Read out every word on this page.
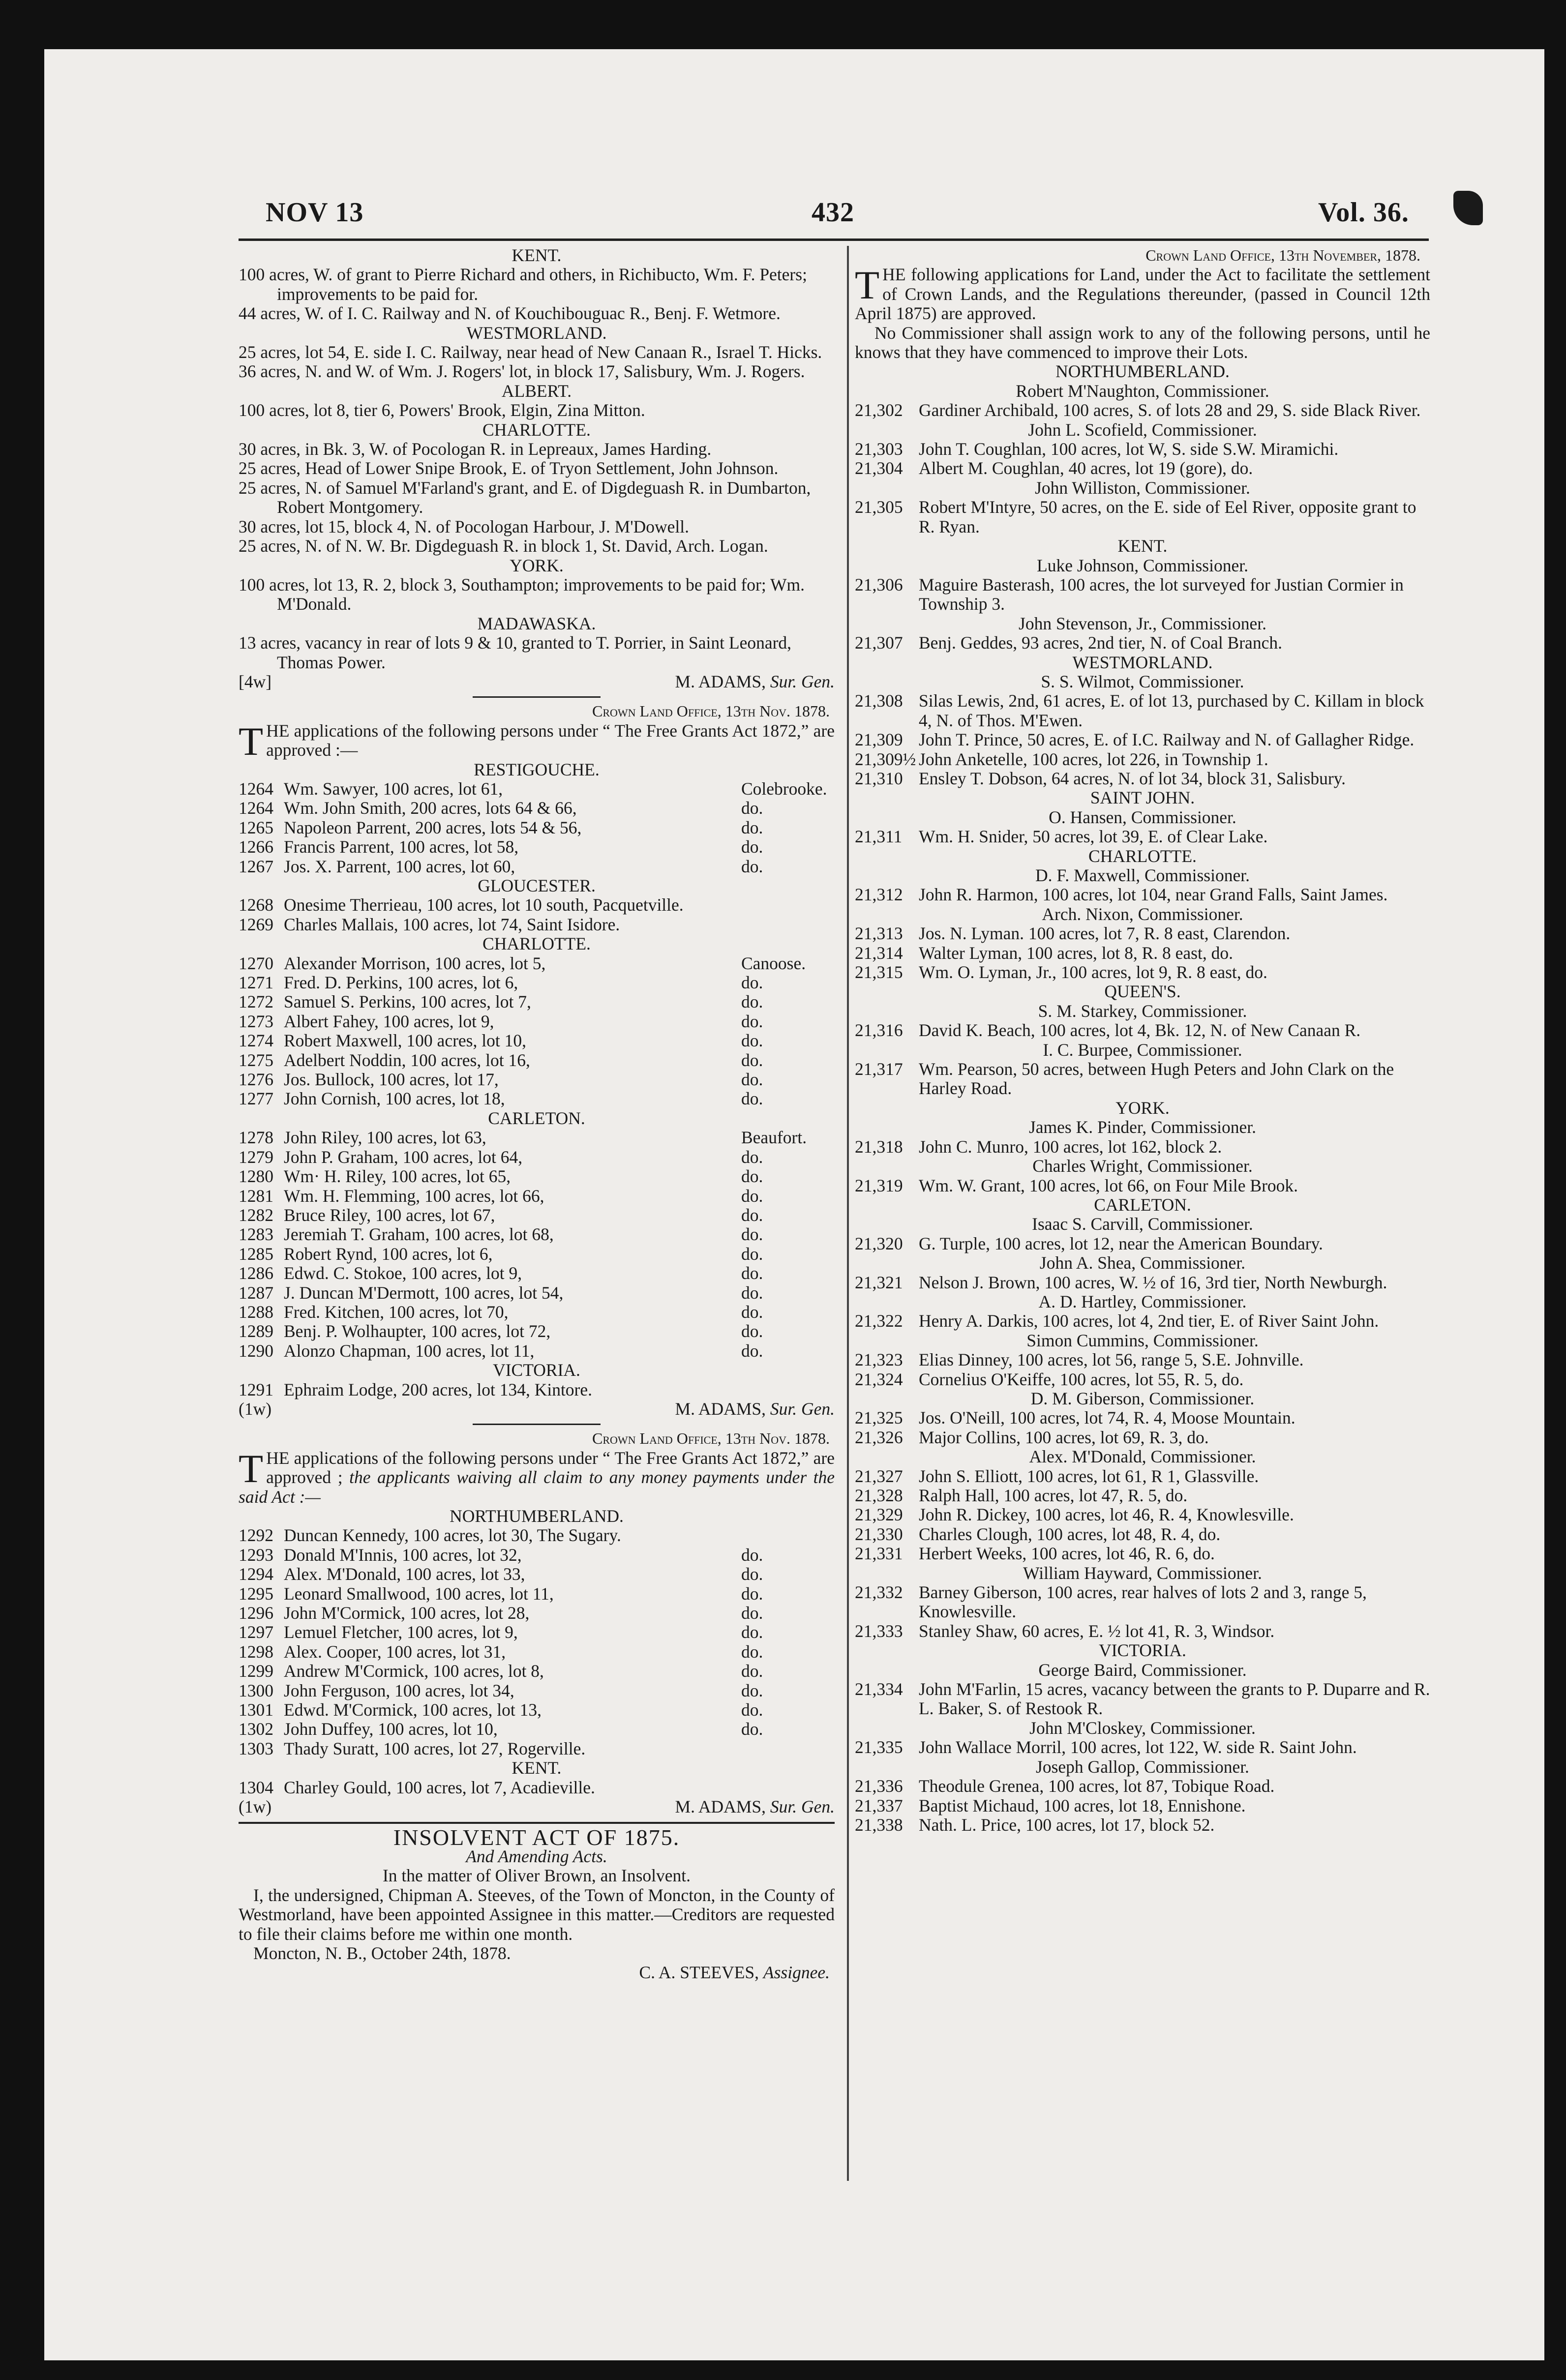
NOV 13	432	Vol. 36.
KENT.
100 acres, W. of grant to Pierre Richard and others, in Richibucto, Wm. F. Peters; improvements to be paid for.
44 acres, W. of I. C. Railway and N. of Kouchibouguac R., Benj. F. Wetmore.
WESTMORLAND.
25 acres, lot 54, E. side I. C. Railway, near head of New Canaan R., Israel T. Hicks.
36 acres, N. and W. of Wm. J. Rogers' lot, in block 17, Salisbury, Wm. J. Rogers.
ALBERT.
100 acres, lot 8, tier 6, Powers' Brook, Elgin, Zina Mitton.
CHARLOTTE.
30 acres, in Bk. 3, W. of Pocologan R. in Lepreaux, James Harding.
25 acres, Head of Lower Snipe Brook, E. of Tryon Settlement, John Johnson.
25 acres, N. of Samuel M'Farland's grant, and E. of Digdeguash R. in Dumbarton, Robert Montgomery.
30 acres, lot 15, block 4, N. of Pocologan Harbour, J. M'Dowell.
25 acres, N. of N. W. Br. Digdeguash R. in block 1, St. David, Arch. Logan.
YORK.
100 acres, lot 13, R. 2, block 3, Southampton; improvements to be paid for; Wm. M'Donald.
MADAWASKA.
13 acres, vacancy in rear of lots 9 & 10, granted to T. Porrier, in Saint Leonard, Thomas Power.
[4w]	M. ADAMS, Sur. Gen.
Crown Land Office, 13th Nov. 1878.
THE applications of the following persons under “ The Free Grants Act 1872,” are approved :—
RESTIGOUCHE.
1264 Wm. Sawyer, 100 acres, lot 61,	Colebrooke.
1264 Wm. John Smith, 200 acres, lots 64 & 66,	do.
1265 Napoleon Parrent, 200 acres, lots 54 & 56,	do.
1266 Francis Parrent, 100 acres, lot 58,	do.
1267 Jos. X. Parrent, 100 acres, lot 60,	do.
GLOUCESTER.
1268 Onesime Therrieau, 100 acres, lot 10 south, Pacquetville.
1269 Charles Mallais, 100 acres, lot 74, Saint Isidore.
CHARLOTTE.
1270 Alexander Morrison, 100 acres, lot 5,	Canoose.
1271 Fred. D. Perkins, 100 acres, lot 6,	do.
1272 Samuel S. Perkins, 100 acres, lot 7,	do.
1273 Albert Fahey, 100 acres, lot 9,	do.
1274 Robert Maxwell, 100 acres, lot 10,	do.
1275 Adelbert Noddin, 100 acres, lot 16,	do.
1276 Jos. Bullock, 100 acres, lot 17,	do.
1277 John Cornish, 100 acres, lot 18,	do.
CARLETON.
1278 John Riley, 100 acres, lot 63,	Beaufort.
1279 John P. Graham, 100 acres, lot 64,	do.
1280 Wm· H. Riley, 100 acres, lot 65,	do.
1281 Wm. H. Flemming, 100 acres, lot 66,	do.
1282 Bruce Riley, 100 acres, lot 67,	do.
1283 Jeremiah T. Graham, 100 acres, lot 68,	do.
1285 Robert Rynd, 100 acres, lot 6,	do.
1286 Edwd. C. Stokoe, 100 acres, lot 9,	do.
1287 J. Duncan M'Dermott, 100 acres, lot 54,	do.
1288 Fred. Kitchen, 100 acres, lot 70,	do.
1289 Benj. P. Wolhaupter, 100 acres, lot 72,	do.
1290 Alonzo Chapman, 100 acres, lot 11,	do.
VICTORIA.
1291 Ephraim Lodge, 200 acres, lot 134, Kintore.
(1w)	M. ADAMS, Sur. Gen.
Crown Land Office, 13th Nov. 1878.
THE applications of the following persons under “ The Free Grants Act 1872,” are approved ; the applicants waiving all claim to any money payments under the said Act :—
NORTHUMBERLAND.
1292 Duncan Kennedy, 100 acres, lot 30, The Sugary.
1293 Donald M'Innis, 100 acres, lot 32,	do.
1294 Alex. M'Donald, 100 acres, lot 33,	do.
1295 Leonard Smallwood, 100 acres, lot 11,	do.
1296 John M'Cormick, 100 acres, lot 28,	do.
1297 Lemuel Fletcher, 100 acres, lot 9,	do.
1298 Alex. Cooper, 100 acres, lot 31,	do.
1299 Andrew M'Cormick, 100 acres, lot 8,	do.
1300 John Ferguson, 100 acres, lot 34,	do.
1301 Edwd. M'Cormick, 100 acres, lot 13,	do.
1302 John Duffey, 100 acres, lot 10,	do.
1303 Thady Suratt, 100 acres, lot 27, Rogerville.
KENT.
1304 Charley Gould, 100 acres, lot 7, Acadieville.
(1w)	M. ADAMS, Sur. Gen.
INSOLVENT ACT OF 1875.
And Amending Acts.
In the matter of Oliver Brown, an Insolvent.
I, the undersigned, Chipman A. Steeves, of the Town of Moncton, in the County of Westmorland, have been appointed Assignee in this matter.—Creditors are requested to file their claims before me within one month.
Moncton, N. B., October 24th, 1878.
C. A. STEEVES, Assignee.
Crown Land Office, 13th November, 1878.
THE following applications for Land, under the Act to facilitate the settlement of Crown Lands, and the Regulations thereunder, (passed in Council 12th April 1875) are approved.
No Commissioner shall assign work to any of the following persons, until he knows that they have commenced to improve their Lots.
NORTHUMBERLAND.
Robert M'Naughton, Commissioner.
21,302 Gardiner Archibald, 100 acres, S. of lots 28 and 29, S. side Black River.
John L. Scofield, Commissioner.
21,303 John T. Coughlan, 100 acres, lot W, S. side S.W. Miramichi.
21,304 Albert M. Coughlan, 40 acres, lot 19 (gore), do.
John Williston, Commissioner.
21,305 Robert M'Intyre, 50 acres, on the E. side of Eel River, opposite grant to R. Ryan.
KENT.
Luke Johnson, Commissioner.
21,306 Maguire Basterash, 100 acres, the lot surveyed for Justian Cormier in Township 3.
John Stevenson, Jr., Commissioner.
21,307 Benj. Geddes, 93 acres, 2nd tier, N. of Coal Branch.
WESTMORLAND.
S. S. Wilmot, Commissioner.
21,308 Silas Lewis, 2nd, 61 acres, E. of lot 13, purchased by C. Killam in block 4, N. of Thos. M'Ewen.
21,309 John T. Prince, 50 acres, E. of I.C. Railway and N. of Gallagher Ridge.
21,309½ John Anketelle, 100 acres, lot 226, in Township 1.
21,310 Ensley T. Dobson, 64 acres, N. of lot 34, block 31, Salisbury.
SAINT JOHN.
O. Hansen, Commissioner.
21,311 Wm. H. Snider, 50 acres, lot 39, E. of Clear Lake.
CHARLOTTE.
D. F. Maxwell, Commissioner.
21,312 John R. Harmon, 100 acres, lot 104, near Grand Falls, Saint James.
Arch. Nixon, Commissioner.
21,313 Jos. N. Lyman. 100 acres, lot 7, R. 8 east, Clarendon.
21,314 Walter Lyman, 100 acres, lot 8, R. 8 east, do.
21,315 Wm. O. Lyman, Jr., 100 acres, lot 9, R. 8 east, do.
QUEEN'S.
S. M. Starkey, Commissioner.
21,316 David K. Beach, 100 acres, lot 4, Bk. 12, N. of New Canaan R.
I. C. Burpee, Commissioner.
21,317 Wm. Pearson, 50 acres, between Hugh Peters and John Clark on the Harley Road.
YORK.
James K. Pinder, Commissioner.
21,318 John C. Munro, 100 acres, lot 162, block 2.
Charles Wright, Commissioner.
21,319 Wm. W. Grant, 100 acres, lot 66, on Four Mile Brook.
CARLETON.
Isaac S. Carvill, Commissioner.
21,320 G. Turple, 100 acres, lot 12, near the American Boundary.
John A. Shea, Commissioner.
21,321 Nelson J. Brown, 100 acres, W. ½ of 16, 3rd tier, North Newburgh.
A. D. Hartley, Commissioner.
21,322 Henry A. Darkis, 100 acres, lot 4, 2nd tier, E. of River Saint John.
Simon Cummins, Commissioner.
21,323 Elias Dinney, 100 acres, lot 56, range 5, S.E. Johnville.
21,324 Cornelius O'Keiffe, 100 acres, lot 55, R. 5, do.
D. M. Giberson, Commissioner.
21,325 Jos. O'Neill, 100 acres, lot 74, R. 4, Moose Mountain.
21,326 Major Collins, 100 acres, lot 69, R. 3, do.
Alex. M'Donald, Commissioner.
21,327 John S. Elliott, 100 acres, lot 61, R 1, Glassville.
21,328 Ralph Hall, 100 acres, lot 47, R. 5, do.
21,329 John R. Dickey, 100 acres, lot 46, R. 4, Knowlesville.
21,330 Charles Clough, 100 acres, lot 48, R. 4, do.
21,331 Herbert Weeks, 100 acres, lot 46, R. 6, do.
William Hayward, Commissioner.
21,332 Barney Giberson, 100 acres, rear halves of lots 2 and 3, range 5, Knowlesville.
21,333 Stanley Shaw, 60 acres, E. ½ lot 41, R. 3, Windsor.
VICTORIA.
George Baird, Commissioner.
21,334 John M'Farlin, 15 acres, vacancy between the grants to P. Duparre and R. L. Baker, S. of Restook R.
John M'Closkey, Commissioner.
21,335 John Wallace Morril, 100 acres, lot 122, W. side R. Saint John.
Joseph Gallop, Commissioner.
21,336 Theodule Grenea, 100 acres, lot 87, Tobique Road.
21,337 Baptist Michaud, 100 acres, lot 18, Ennishone.
21,338 Nath. L. Price, 100 acres, lot 17, block 52.
